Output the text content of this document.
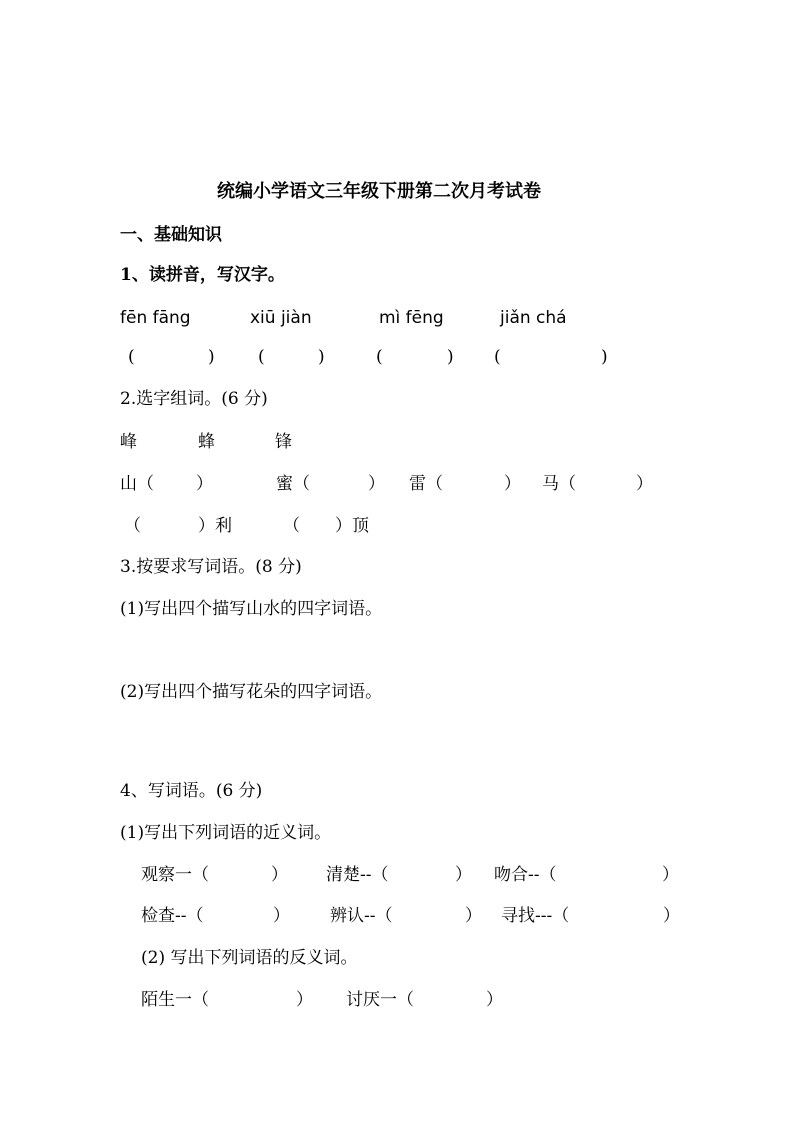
统编小学语文三年级下册第二次月考试卷
一、基础知识
1、读拼音，写汉字。
fēn fāng	xiū jiàn	mì fēng	jiǎn chá
(	)	(	)	(	) (	)
2.选字组词。(6 分)
峰	蜂	锋
山（ ）	蜜（	） 雷（	） 马（	）
（	）利	（ ）顶
3.按要求写词语。(8 分)
(1)写出四个描写山水的四字词语。
(2)写出四个描写花朵的四字词语。
4、写词语。(6 分)
(1)写出下列词语的近义词。
观察一（	） 清楚--（	） 吻合--（	）
检查--（	） 辨认--（	） 寻找---（	）
(2) 写出下列词语的反义词。
陌生一（	） 讨厌一（	）
